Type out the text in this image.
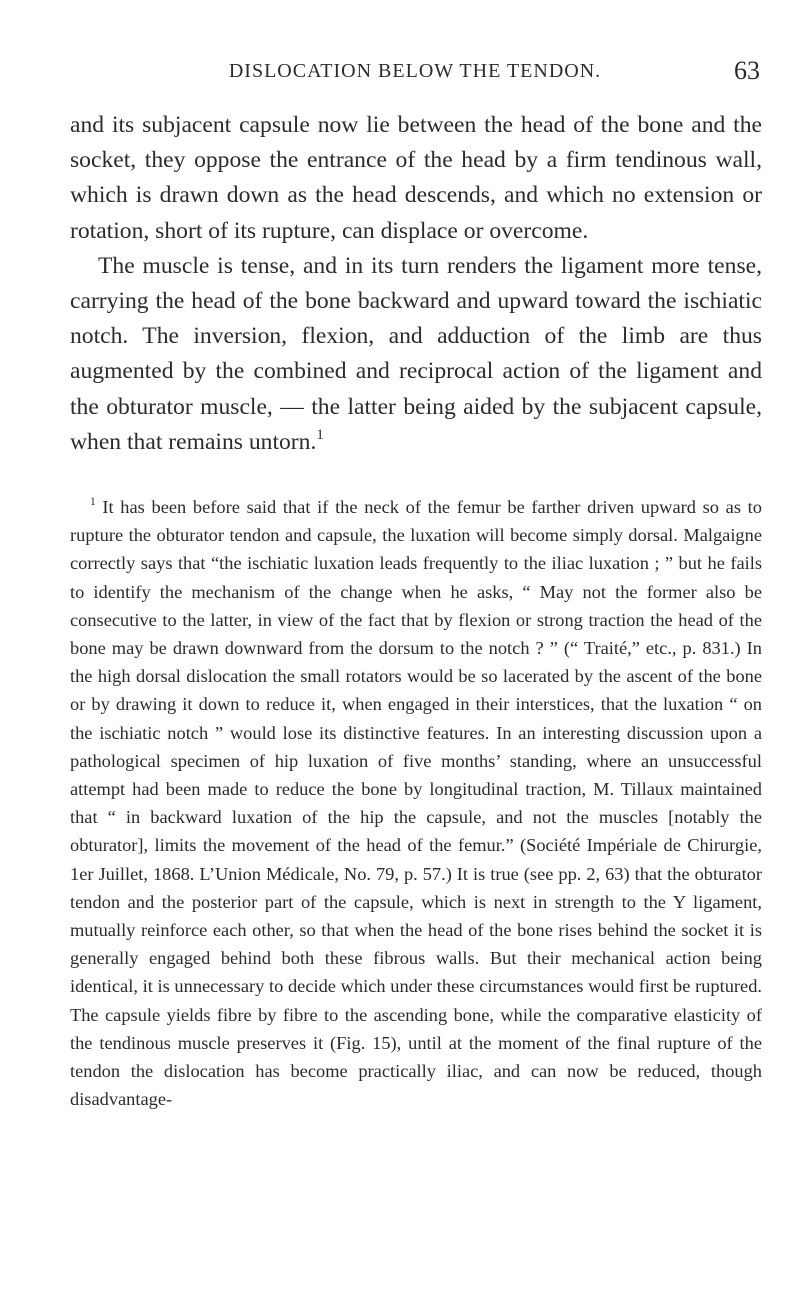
DISLOCATION BELOW THE TENDON.	63

and its subjacent capsule now lie between the head of the bone and the socket, they oppose the entrance of the head by a firm tendinous wall, which is drawn down as the head descends, and which no extension or rotation, short of its rupture, can displace or overcome.

The muscle is tense, and in its turn renders the ligament more tense, carrying the head of the bone backward and upward toward the ischiatic notch. The inversion, flexion, and adduction of the limb are thus augmented by the combined and reciprocal action of the ligament and the obturator muscle, — the latter being aided by the subjacent capsule, when that remains untorn.$^1$

$^1$ It has been before said that if the neck of the femur be farther driven upward so as to rupture the obturator tendon and capsule, the luxation will become simply dorsal. Malgaigne correctly says that “the ischiatic luxation leads frequently to the iliac luxation ; ” but he fails to identify the mechanism of the change when he asks, “ May not the former also be consecutive to the latter, in view of the fact that by flexion or strong traction the head of the bone may be drawn downward from the dorsum to the notch ? ” (“ Traité,” etc., p. 831.) In the high dorsal dislocation the small rotators would be so lacerated by the ascent of the bone or by drawing it down to reduce it, when engaged in their interstices, that the luxation “ on the ischiatic notch ” would lose its distinctive features. In an interesting discussion upon a pathological specimen of hip luxation of five months’ standing, where an unsuccessful attempt had been made to reduce the bone by longitudinal traction, M. Tillaux maintained that “ in backward luxation of the hip the capsule, and not the muscles [notably the obturator], limits the movement of the head of the femur.” (Société Impériale de Chirurgie, 1er Juillet, 1868. L’Union Médicale, No. 79, p. 57.) It is true (see pp. 2, 63) that the obturator tendon and the posterior part of the capsule, which is next in strength to the Y ligament, mutually reinforce each other, so that when the head of the bone rises behind the socket it is generally engaged behind both these fibrous walls. But their mechanical action being identical, it is unnecessary to decide which under these circumstances would first be ruptured. The capsule yields fibre by fibre to the ascending bone, while the comparative elasticity of the tendinous muscle preserves it (Fig. 15), until at the moment of the final rupture of the tendon the dislocation has become practically iliac, and can now be reduced, though disadvantage-
